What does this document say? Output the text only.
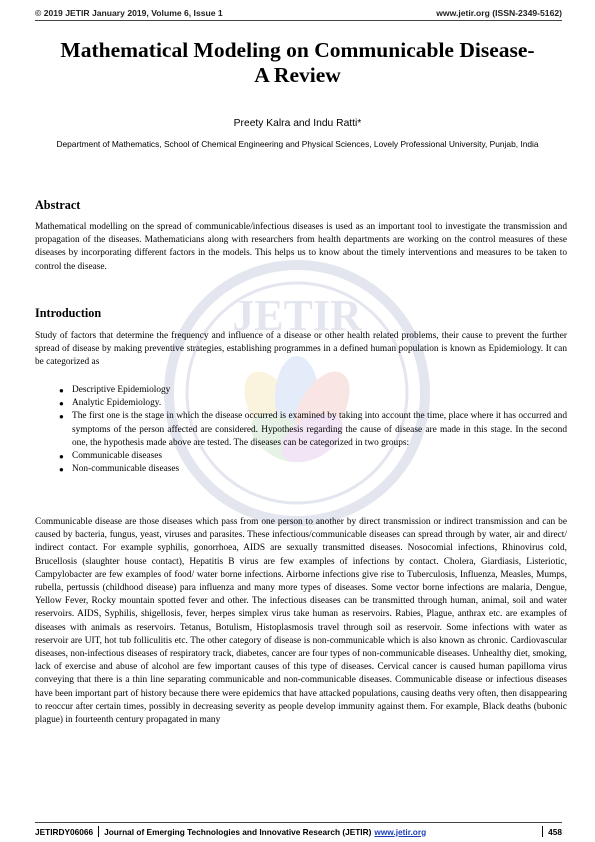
© 2019 JETIR January 2019, Volume 6, Issue 1	www.jetir.org (ISSN-2349-5162)
JETIR
Mathematical Modeling on Communicable Disease-
A Review
Preety Kalra and Indu Ratti*
Department of Mathematics, School of Chemical Engineering and Physical Sciences, Lovely Professional University, Punjab, India
Abstract
Mathematical modelling on the spread of communicable/infectious diseases is used as an important tool to investigate the transmission and propagation of the diseases. Mathematicians along with researchers from health departments are working on the control measures of these diseases by incorporating different factors in the models. This helps us to know about the timely interventions and measures to be taken to control the disease.
Introduction
Study of factors that determine the frequency and influence of a disease or other health related problems, their cause to prevent the further spread of disease by making preventive strategies, establishing programmes in a defined human population is known as Epidemiology. It can be categorized as
● Descriptive Epidemiology
● Analytic Epidemiology.
● The first one is the stage in which the disease occurred is examined by taking into account the time, place where it has occurred and symptoms of the person affected are considered. Hypothesis regarding the cause of disease are made in this stage. In the second one, the hypothesis made above are tested. The diseases can be categorized in two groups:
● Communicable diseases
● Non-communicable diseases
Communicable disease are those diseases which pass from one person to another by direct transmission or indirect transmission and can be caused by bacteria, fungus, yeast, viruses and parasites. These infectious/communicable diseases can spread through by water, air and direct/ indirect contact. For example syphilis, gonorrhoea, AIDS are sexually transmitted diseases. Nosocomial infections, Rhinovirus cold, Brucellosis (slaughter house contact), Hepatitis B virus are few examples of infections by contact. Cholera, Giardiasis, Listeriotic, Campylobacter are few examples of food/ water borne infections. Airborne infections give rise to Tuberculosis, Influenza, Measles, Mumps, rubella, pertussis (childhood disease) para influenza and many more types of diseases. Some vector borne infections are malaria, Dengue, Yellow Fever, Rocky mountain spotted fever and other. The infectious diseases can be transmitted through human, animal, soil and water reservoirs. AIDS, Syphilis, shigellosis, fever, herpes simplex virus take human as reservoirs. Rabies, Plague, anthrax etc. are examples of diseases with animals as reservoirs. Tetanus, Botulism, Histoplasmosis travel through soil as reservoir. Some infections with water as reservoir are UIT, hot tub folliculitis etc. The other category of disease is non-communicable which is also known as chronic. Cardiovascular diseases, non-infectious diseases of respiratory track, diabetes, cancer are four types of non-communicable diseases. Unhealthy diet, smoking, lack of exercise and abuse of alcohol are few important causes of this type of diseases. Cervical cancer is caused human papilloma virus conveying that there is a thin line separating communicable and non-communicable diseases. Communicable disease or infectious diseases have been important part of history because there were epidemics that have attacked populations, causing deaths very often, then disappearing to reoccur after certain times, possibly in decreasing severity as people develop immunity against them. For example, Black deaths (bubonic plague) in fourteenth century propagated in many
JETIRDY06066 Journal of Emerging Technologies and Innovative Research (JETIR) www.jetir.org	458
